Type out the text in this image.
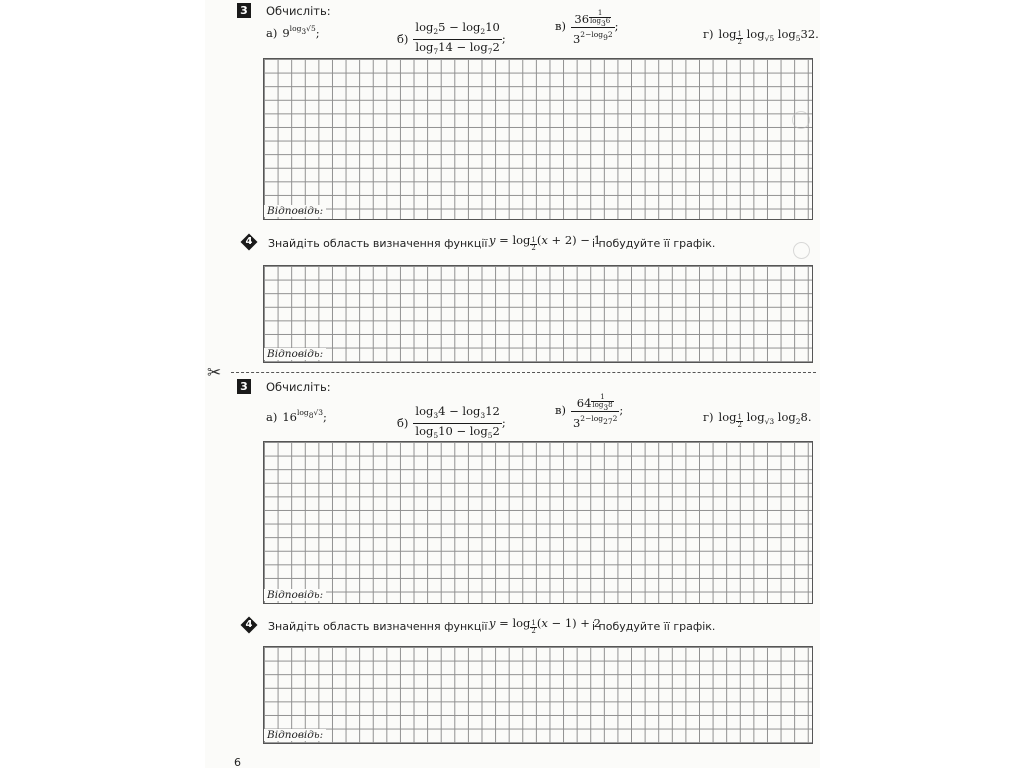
3 Обчисліть:
а) $9^{log_3√5}$;	$б) \frac{\log_25 - \log_210}{\log_714 - \log_72}$ ;
в) 36 $^{\frac{1}{\log_36}}$
$3^{2-log_92}$ ;
г) $\log \frac{1}{2} \log_{√5} \log_532$.
Відповідь:
4	Знайдіть область визначення функції $y = \log \frac{1}{2} (x + 2) - 1$
і побудуйте її графік.
Відповідь:
✂
3 Обчисліть:
а) $16^{log_8√3}$;	$б) \frac{\log_34 - \log_312}{\log_510 - \log_52}$ ;
в) 64 $^{\frac{1}{\log_38}}$
$3^{2-log_{27}2}$ ;	г) $\log \frac{1}{2} \log_{√3} \log_28$.
Відповідь:
4	Знайдіть область визначення функції $y = \log \frac{1}{2} (x - 1) + 2$
і побудуйте її графік.
Відповідь:
6
